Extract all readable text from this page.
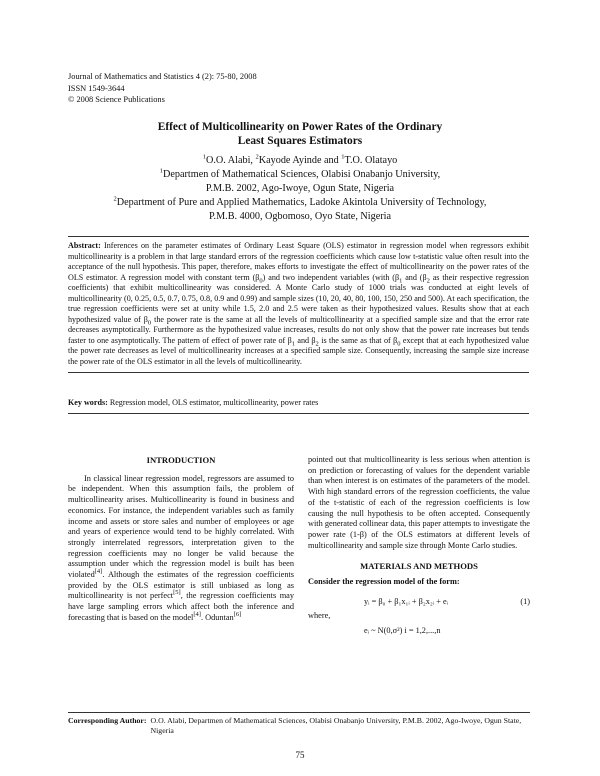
Journal of Mathematics and Statistics 4 (2): 75-80, 2008
ISSN 1549-3644
© 2008 Science Publications
Effect of Multicollinearity on Power Rates of the Ordinary
Least Squares Estimators
$^1$O.O. Alabi, $^2$Kayode Ayinde and $^1$T.O. Olatayo
$^1$Departmen of Mathematical Sciences, Olabisi Onabanjo University,
P.M.B. 2002, Ago-Iwoye, Ogun State, Nigeria
$^2$Department of Pure and Applied Mathematics, Ladoke Akintola University of Technology,
P.M.B. 4000, Ogbomoso, Oyo State, Nigeria
Abstract: Inferences on the parameter estimates of Ordinary Least Square (OLS) estimator in regression model when regressors exhibit multicollinearity is a problem in that large standard errors of the regression coefficients which cause low t-statistic value often result into the acceptance of the null hypothesis. This paper, therefore, makes efforts to investigate the effect of multicollinearity on the power rates of the OLS estimator. A regression model with constant term $(\beta_0)$ and two independent variables (with ($\beta_1$ and ($\beta_2$ as their respective regression coefficients) that exhibit multicollinearity was considered. A Monte Carlo study of 1000 trials was conducted at eight levels of multicollinearity (0, 0.25, 0.5, 0.7, 0.75, 0.8, 0.9 and 0.99) and sample sizes (10, 20, 40, 80, 100, 150, 250 and 500). At each specification, the true regression coefficients were set at unity while 1.5, 2.0 and 2.5 were taken as their hypothesized values. Results show that at each hypothesized value of $\beta_0$ the power rate is the same at all the levels of multicollinearity at a specified sample size and that the error rate decreases asymptotically. Furthermore as the hypothesized value increases, results do not only show that the power rate increases but tends faster to one asymptotically. The pattern of effect of power rate of $\beta_1$ and $\beta_2$ is the same as that of $\beta_0$ except that at each hypothesized value the power rate decreases as level of multicollinearity increases at a specified sample size. Consequently, increasing the sample size increase the power rate of the OLS estimator in all the levels of multicollinearity.
Key words: Regression model, OLS estimator, multicollinearity, power rates

INTRODUCTION

In classical linear regression model, regressors are assumed to be independent. When this assumption fails, the problem of multicollinearity arises. Multicollinearity is found in business and economics. For instance, the independent variables such as family income and assets or store sales and number of employees or age and years of experience would tend to be highly correlated. With strongly interrelated regressors, interpretation given to the regression coefficients may no longer be valid because the assumption under which the regression model is built has been violated[4]. Although the estimates of the regression coefficients provided by the OLS estimator is still unbiased as long as multicollinearity is not perfect[5], the regression coefficients may have large sampling errors which affect both the inference and forecasting that is based on the model[4]. Oduntan[6]

pointed out that multicollinearity is less serious when attention is on prediction or forecasting of values for the dependent variable than when interest is on estimates of the parameters of the model. With high standard errors of the regression coefficients, the value of the t-statistic of each of the regression coefficients is low causing the null hypothesis to be often accepted. Consequently with generated collinear data, this paper attempts to investigate the power rate (1-β) of the OLS estimators at different levels of multicollinearity and sample size through Monte Carlo studies.

MATERIALS AND METHODS

Consider the regression model of the form:

yᵢ = β₀ + β₁x₁ᵢ + β₂x₂ᵢ + eᵢ	(1)

where,

eᵢ ~ N(0,σ²) i = 1,2,...,n
Corresponding Author: O.O. Alabi, Departmen of Mathematical Sciences, Olabisi Onabanjo University, P.M.B. 2002, Ago-Iwoye, Ogun State, Nigeria
75
